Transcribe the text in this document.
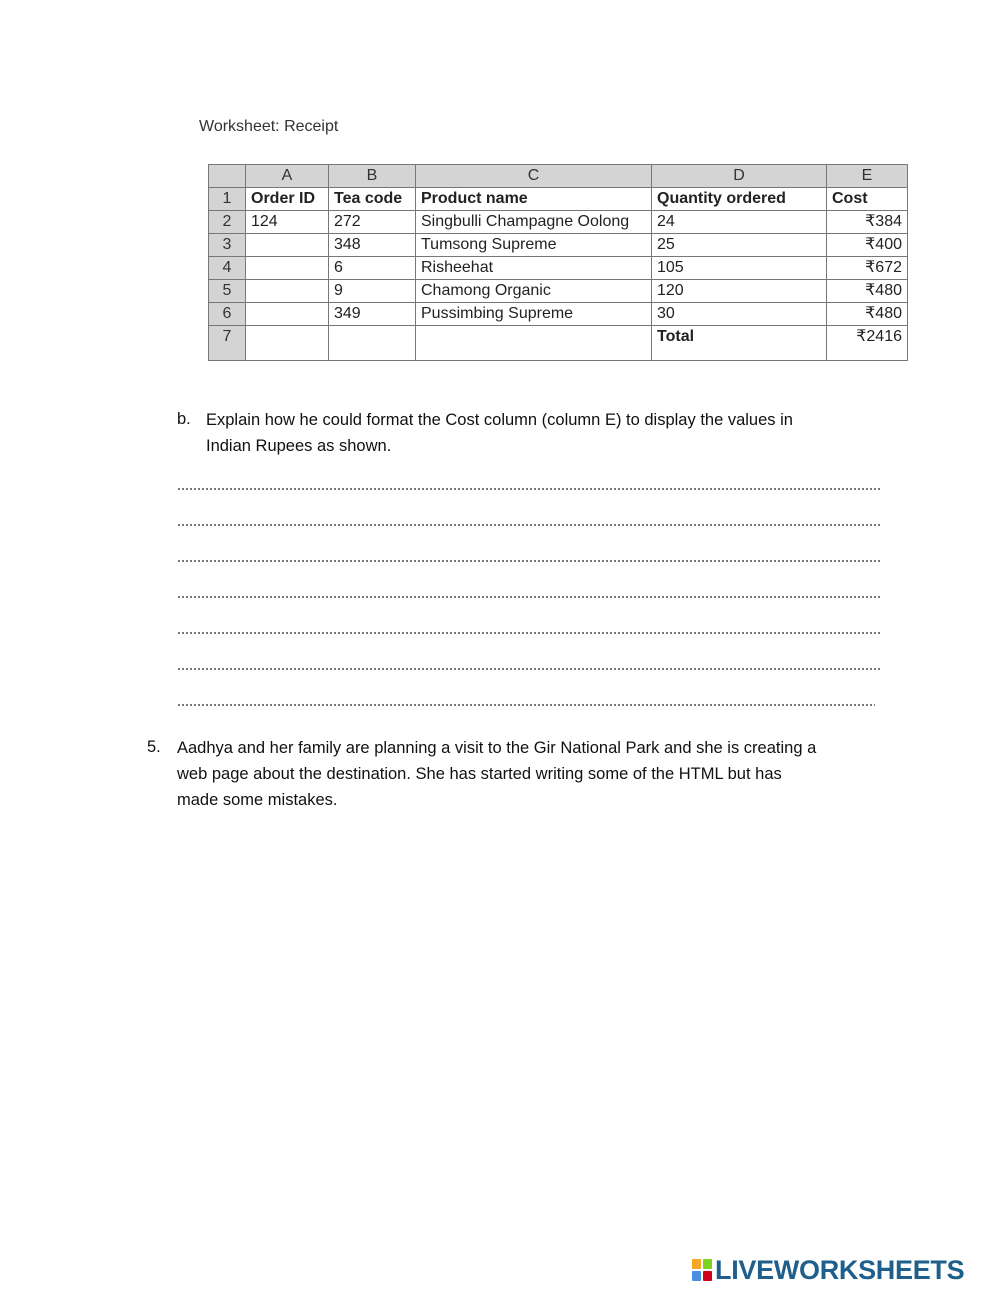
Worksheet: Receipt
	A	B	C	D	E
1	Order ID	Tea code	Product name	Quantity ordered	Cost
2	124	272	Singbulli Champagne Oolong	24	₹384
3		348	Tumsong Supreme	25	₹400
4		6	Risheehat	105	₹672
5		9	Chamong Organic	120	₹480
6		349	Pussimbing Supreme	30	₹480
7				Total	₹2416
b. Explain how he could format the Cost column (column E) to display the values in
Indian Rupees as shown.
5. Aadhya and her family are planning a visit to the Gir National Park and she is creating a
web page about the destination. She has started writing some of the HTML but has
made some mistakes.
LIVEWORKSHEETS
